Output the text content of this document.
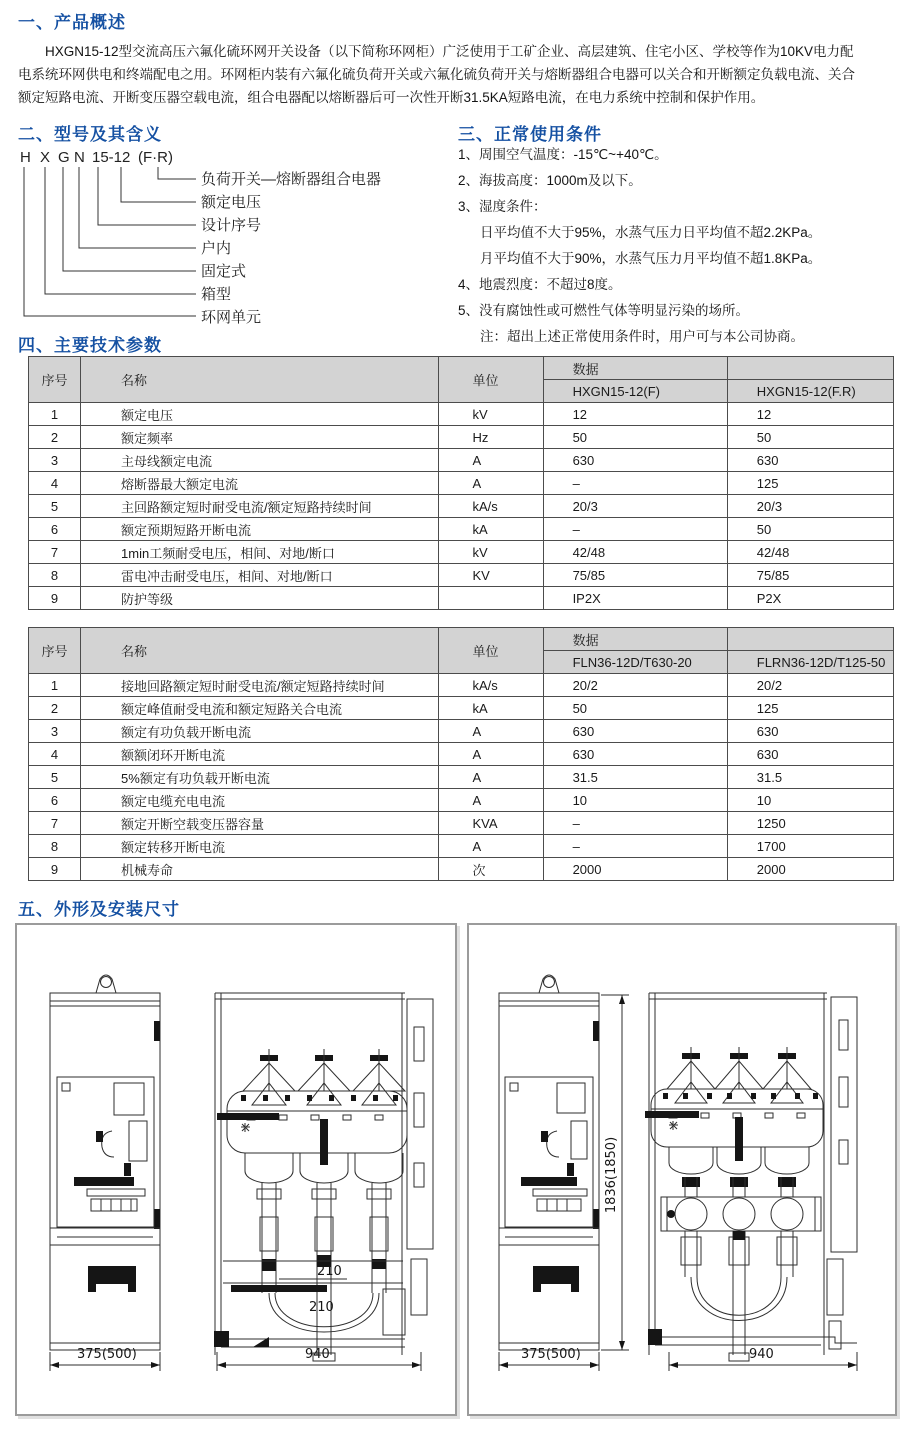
一、产品概述
HXGN15-12型交流高压六氟化硫环网开关设备（以下简称环网柜）广泛使用于工矿企业、高层建筑、住宅小区、学校等作为10KV电力配
电系统环网供电和终端配电之用。环网柜内装有六氟化硫负荷开关或六氟化硫负荷开关与熔断器组合电器可以关合和开断额定负载电流、关合
额定短路电流、开断变压器空载电流，组合电器配以熔断器后可一次性开断31.5KA短路电流，在电力系统中控制和保护作用。
二、型号及其含义
H X G N 15-12 (F·R)
负荷开关—熔断器组合电器
额定电压
设计序号
户内
固定式
箱型
环网单元
三、正常使用条件
1、周围空气温度：-15℃~+40℃。
2、海拔高度：1000m及以下。
3、湿度条件：
日平均值不大于95%，水蒸气压力日平均值不超2.2KPa。
月平均值不大于90%，水蒸气压力月平均值不超1.8KPa。
4、地震烈度：不超过8度。
5、没有腐蚀性或可燃性气体等明显污染的场所。
注：超出上述正常使用条件时，用户可与本公司协商。
四、主要技术参数
序号	名称	单位	数据	
			HXGN15-12(F)	HXGN15-12(F.R)
1	额定电压	kV	12	12
2	额定频率	Hz	50	50
3	主母线额定电流	A	630	630
4	熔断器最大额定电流	A	–	125
5	主回路额定短时耐受电流/额定短路持续时间	kA/s	20/3	20/3
6	额定预期短路开断电流	kA	–	50
7	1min工频耐受电压，相间、对地/断口	kV	42/48	42/48
8	雷电冲击耐受电压，相间、对地/断口	KV	75/85	75/85
9	防护等级		IP2X	P2X
序号	名称	单位	数据	
			FLN36-12D/T630-20	FLRN36-12D/T125-50
1	接地回路额定短时耐受电流/额定短路持续时间	kA/s	20/2	20/2
2	额定峰值耐受电流和额定短路关合电流	kA	50	125
3	额定有功负载开断电流	A	630	630
4	额额闭环开断电流	A	630	630
5	5%额定有功负载开断电流	A	31.5	31.5
6	额定电缆充电电流	A	10	10
7	额定开断空载变压器容量	KVA	–	1250
8	额定转移开断电流	A	–	1700
9	机械寿命	次	2000	2000
五、外形及安装尺寸
210
210
375(500)	940
1836(1850)
375(500)	940
